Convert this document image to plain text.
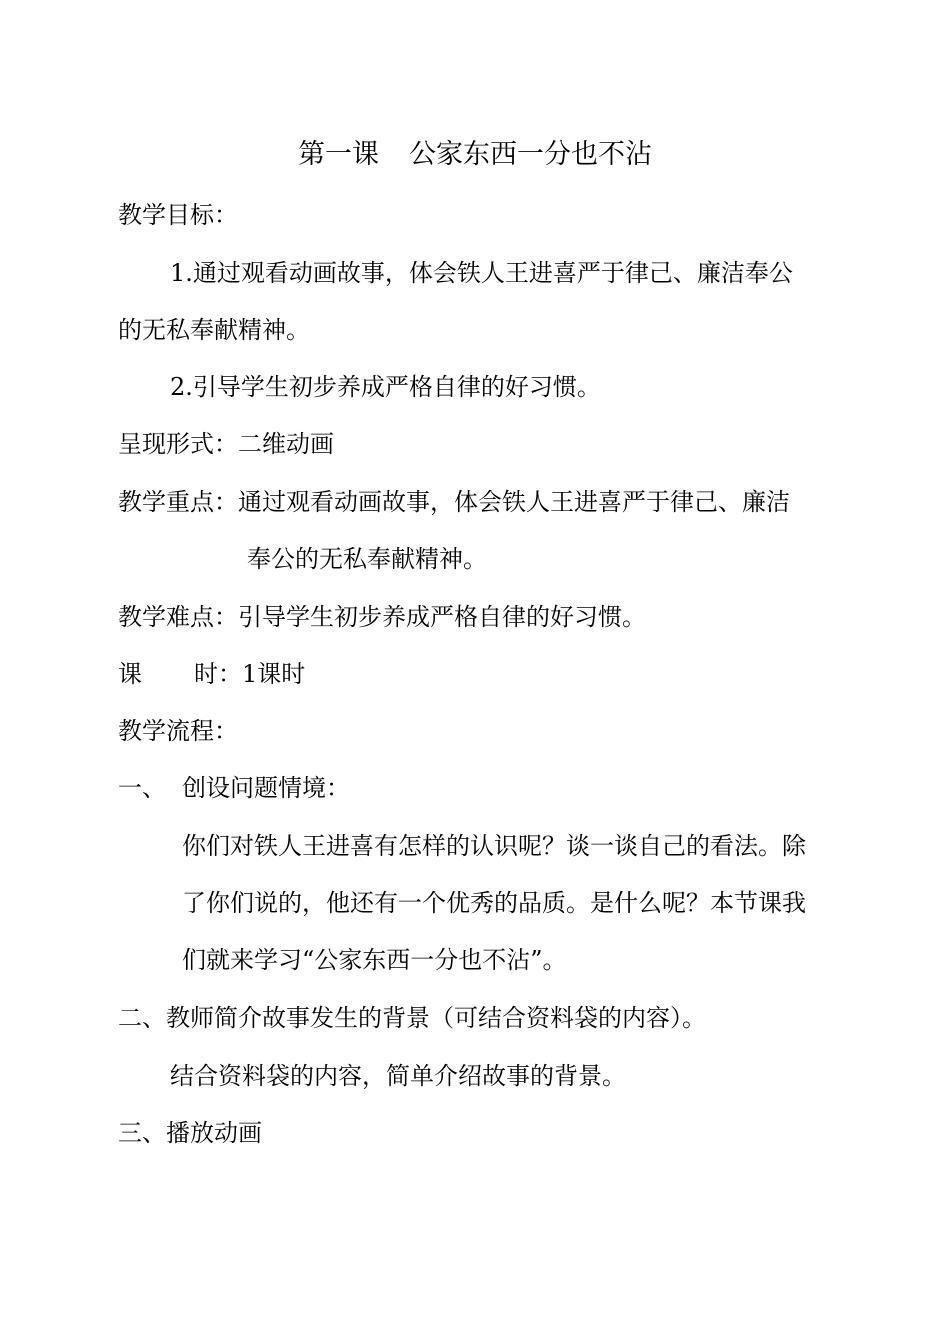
第一课 公家东西一分也不沾
教学目标：
1.通过观看动画故事，体会铁人王进喜严于律己、廉洁奉公
的无私奉献精神。
2.引导学生初步养成严格自律的好习惯。
呈现形式：二维动画
教学重点：通过观看动画故事，体会铁人王进喜严于律己、廉洁
奉公的无私奉献精神。
教学难点：引导学生初步养成严格自律的好习惯。
课 时：1课时
教学流程：
一、 创设问题情境：
你们对铁人王进喜有怎样的认识呢？谈一谈自己的看法。除
了你们说的，他还有一个优秀的品质。是什么呢？本节课我
们就来学习“公家东西一分也不沾”。
二、教师简介故事发生的背景（可结合资料袋的内容）。
结合资料袋的内容，简单介绍故事的背景。
三、播放动画
